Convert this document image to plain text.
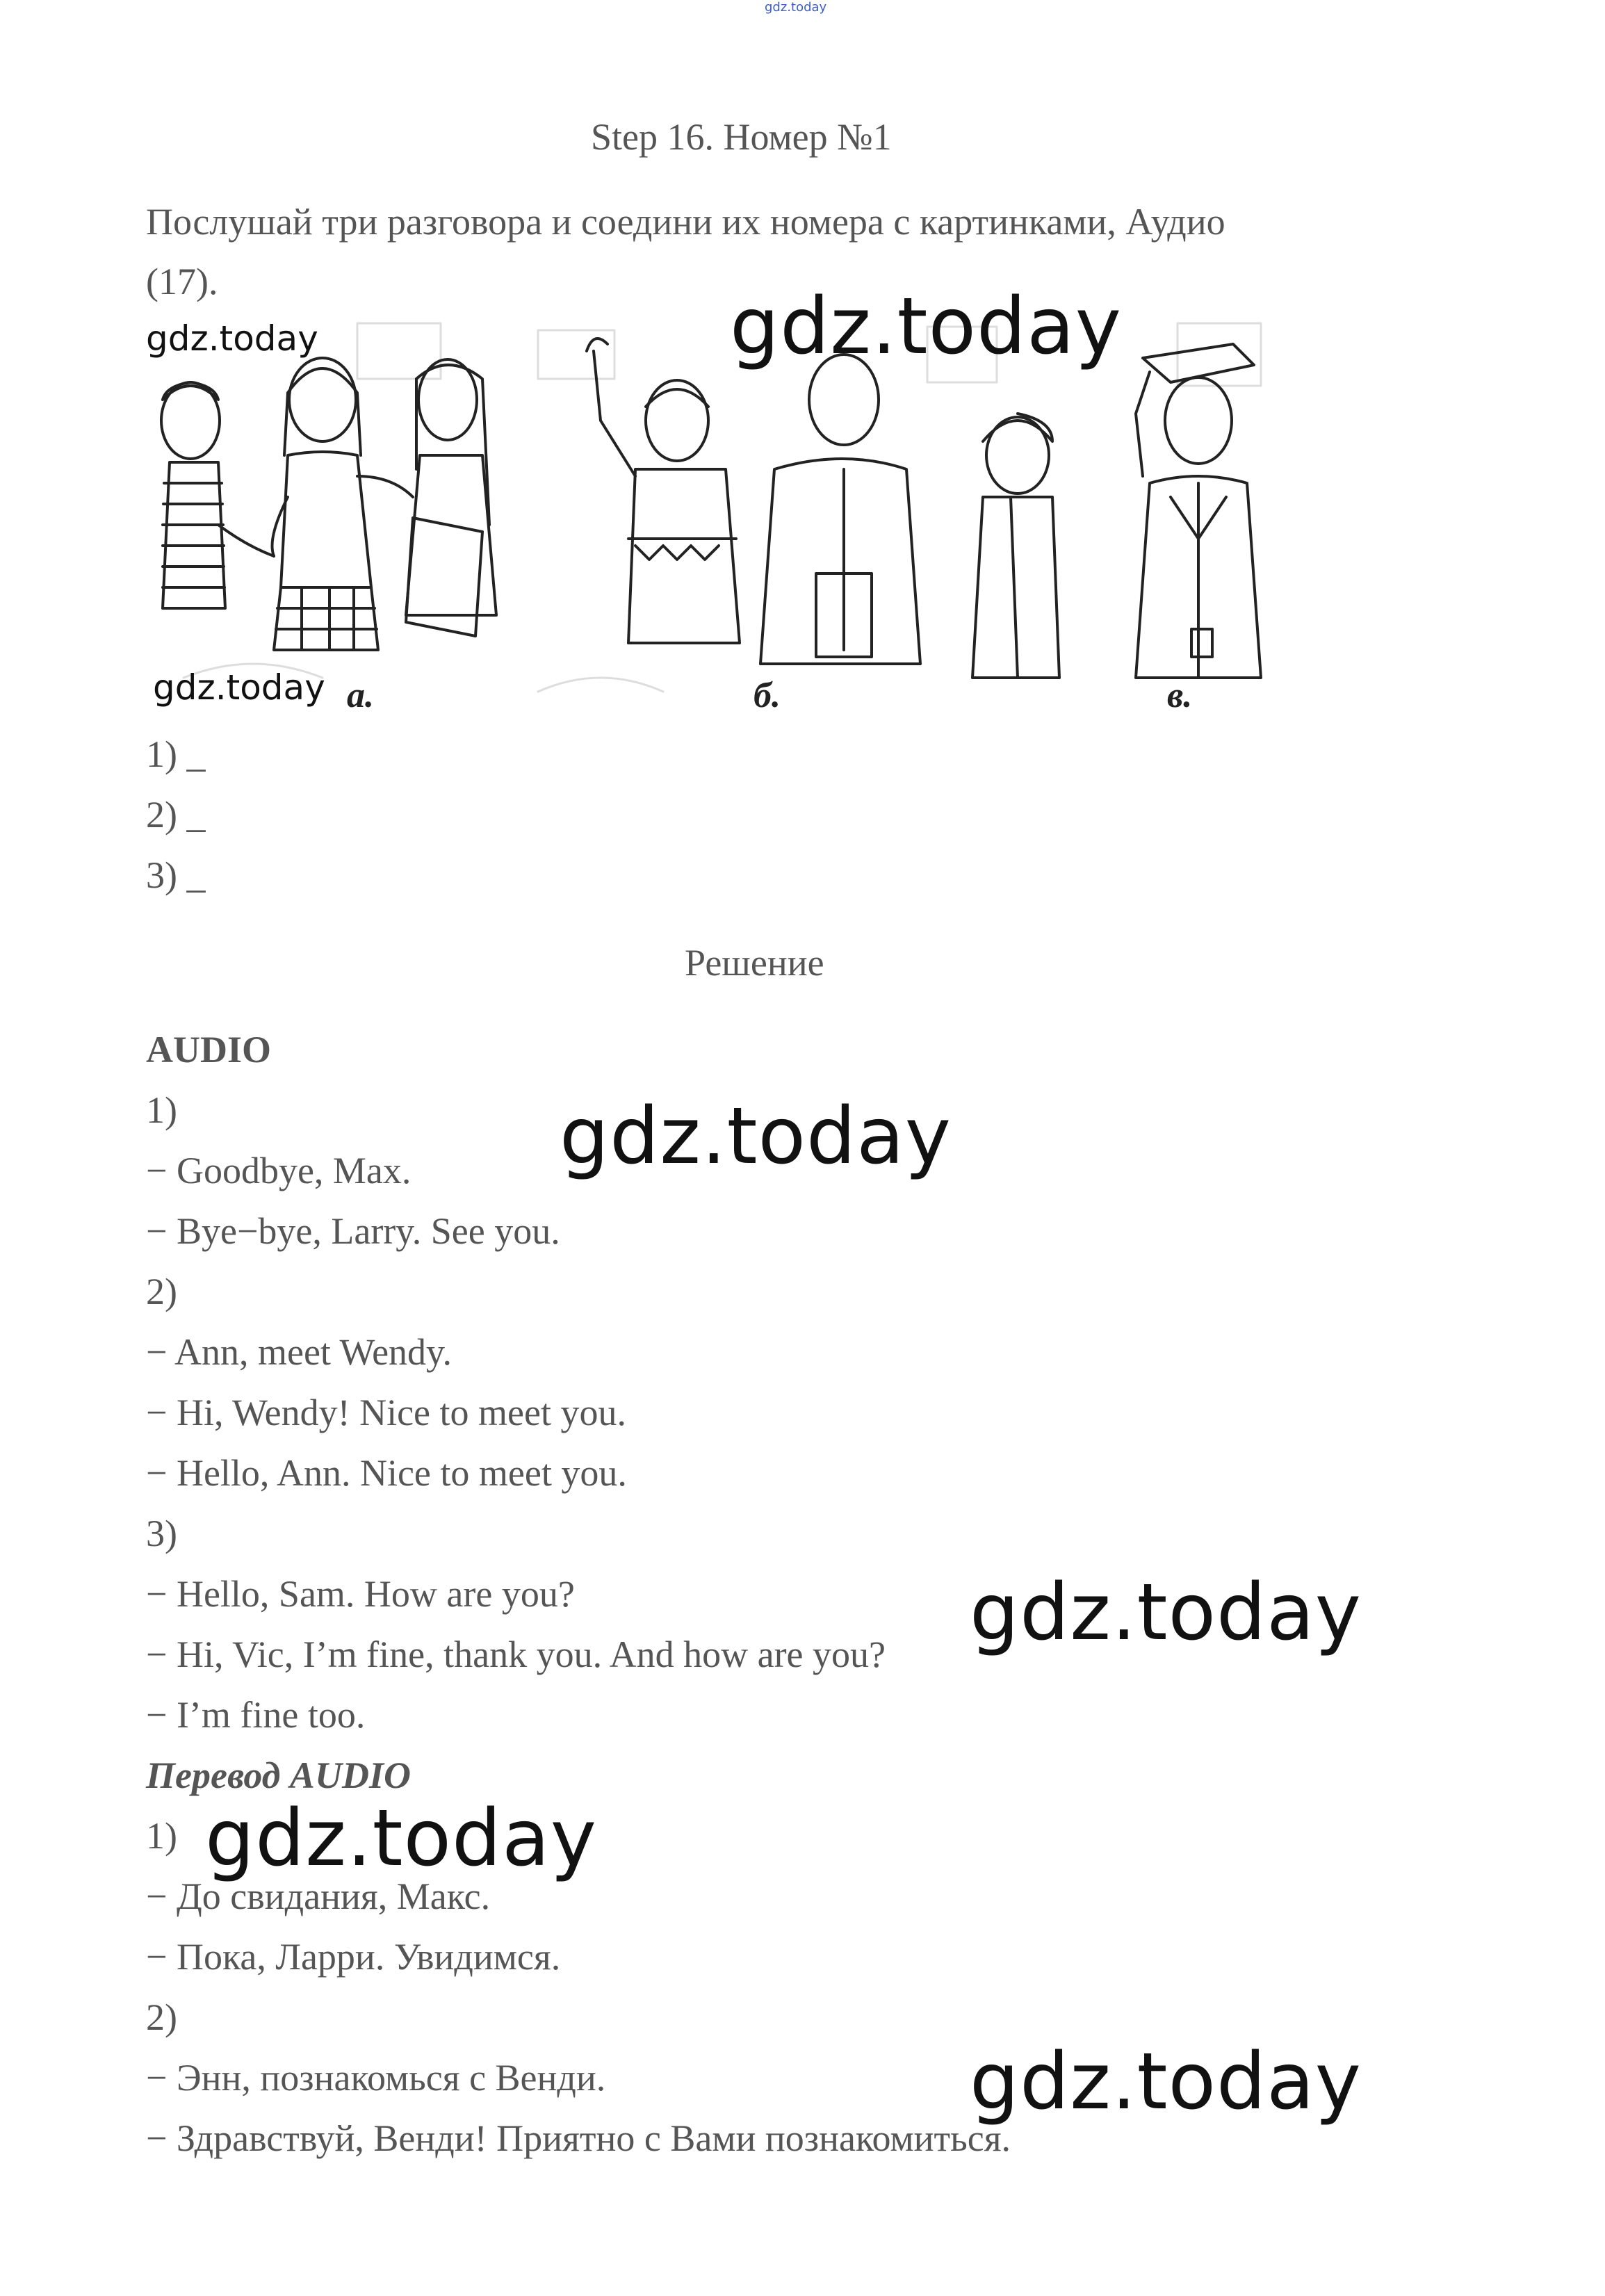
gdz.today
Step 16. Номер №1
Послушай три разговора и соедини их номера с картинками, Аудио
(17).
a.	б.	в.
gdz.today	gdz.today
gdz.today
1) _
2) _
3) _
Решение
AUDIO
1)
− Goodbye, Max.
− Bye−bye, Larry. See you.
2)
− Ann, meet Wendy.
− Hi, Wendy! Nice to meet you.
− Hello, Ann. Nice to meet you.
3)
− Hello, Sam. How are you?
− Hi, Vic, I’m fine, thank you. And how are you?
− I’m fine too.
gdz.today
gdz.today
Перевод AUDIO
1)
− До свидания, Макс.
− Пока, Ларри. Увидимся.
2)
− Энн, познакомься с Венди.
− Здравствуй, Венди! Приятно с Вами познакомиться.
gdz.today
gdz.today
